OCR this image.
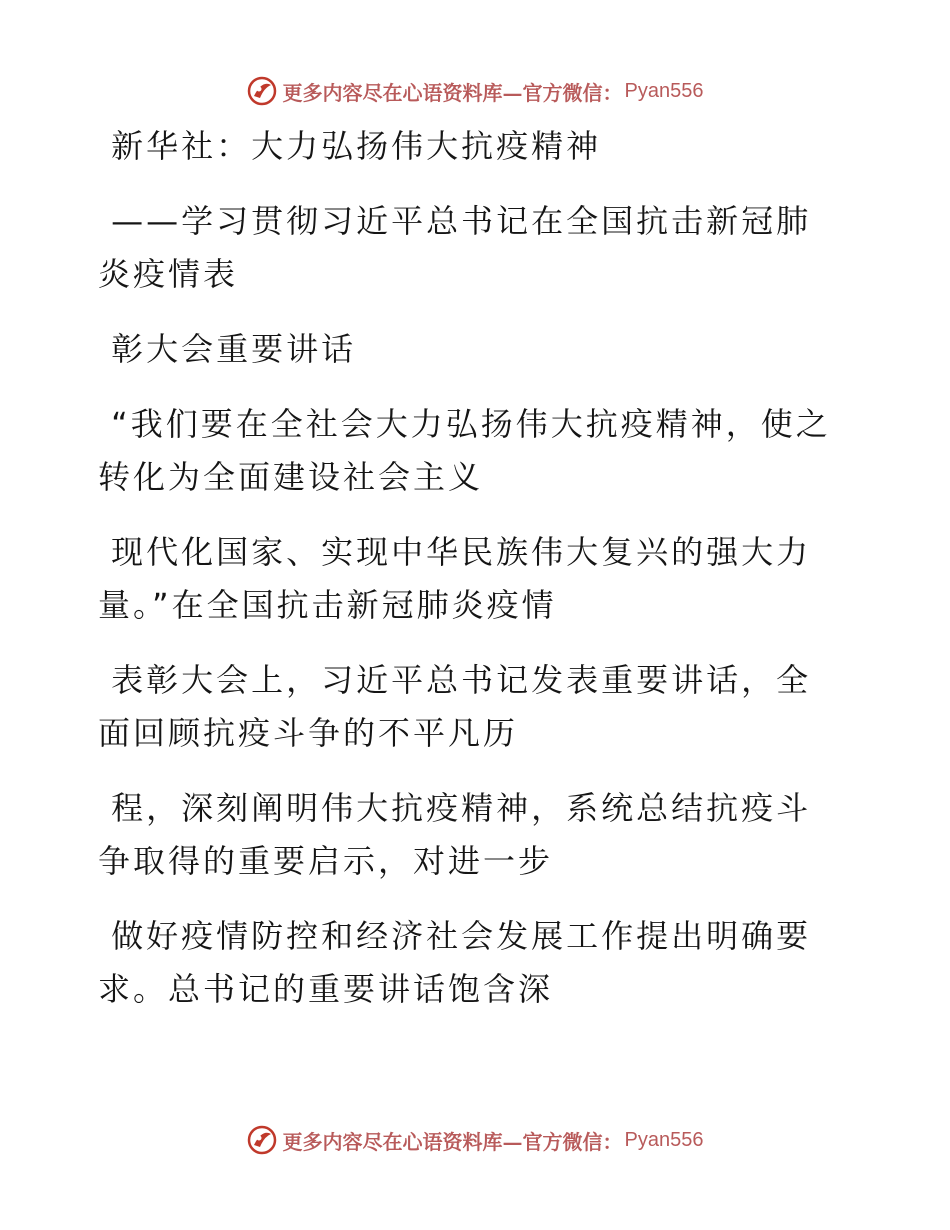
更多内容尽在心语资料库—官方微信： Pyan556

新华社：大力弘扬伟大抗疫精神

——学习贯彻习近平总书记在全国抗击新冠肺炎疫情表

彰大会重要讲话

“我们要在全社会大力弘扬伟大抗疫精神，使之转化为全面建设社会主义

现代化国家、实现中华民族伟大复兴的强大力量。”在全国抗击新冠肺炎疫情

表彰大会上，习近平总书记发表重要讲话，全面回顾抗疫斗争的不平凡历

程，深刻阐明伟大抗疫精神，系统总结抗疫斗争取得的重要启示，对进一步

做好疫情防控和经济社会发展工作提出明确要求。总书记的重要讲话饱含深

更多内容尽在心语资料库—官方微信： Pyan556
